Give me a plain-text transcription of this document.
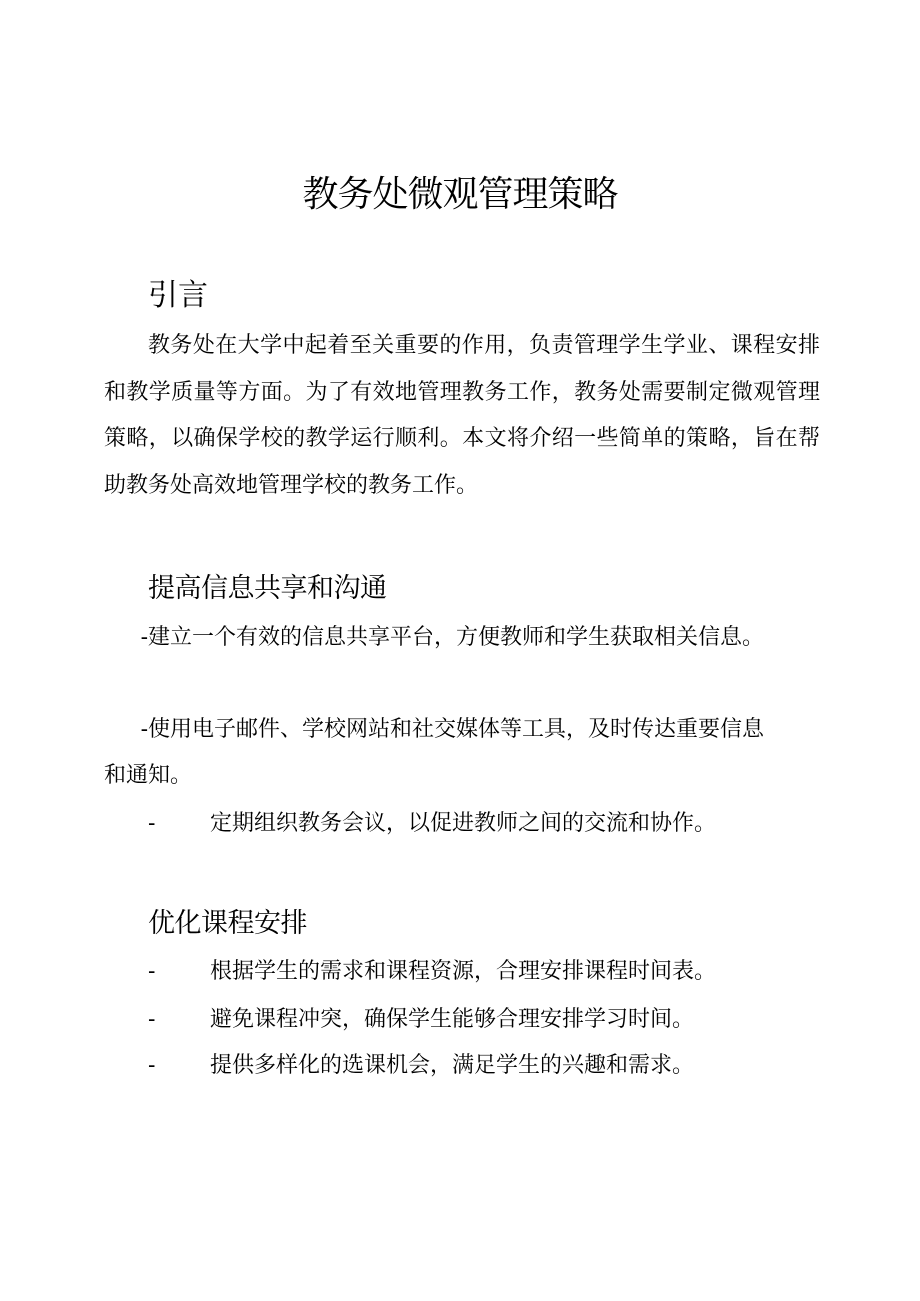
教务处微观管理策略
引言

教务处在大学中起着至关重要的作用，负责管理学生学业、课程安排和教学质量等方面。为了有效地管理教务工作，教务处需要制定微观管理策略，以确保学校的教学运行顺利。本文将介绍一些简单的策略，旨在帮助教务处高效地管理学校的教务工作。

提高信息共享和沟通

-建立一个有效的信息共享平台，方便教师和学生获取相关信息。

-使用电子邮件、学校网站和社交媒体等工具，及时传达重要信息和通知。

- 定期组织教务会议，以促进教师之间的交流和协作。

优化课程安排

- 根据学生的需求和课程资源，合理安排课程时间表。

- 避免课程冲突，确保学生能够合理安排学习时间。

- 提供多样化的选课机会，满足学生的兴趣和需求。
